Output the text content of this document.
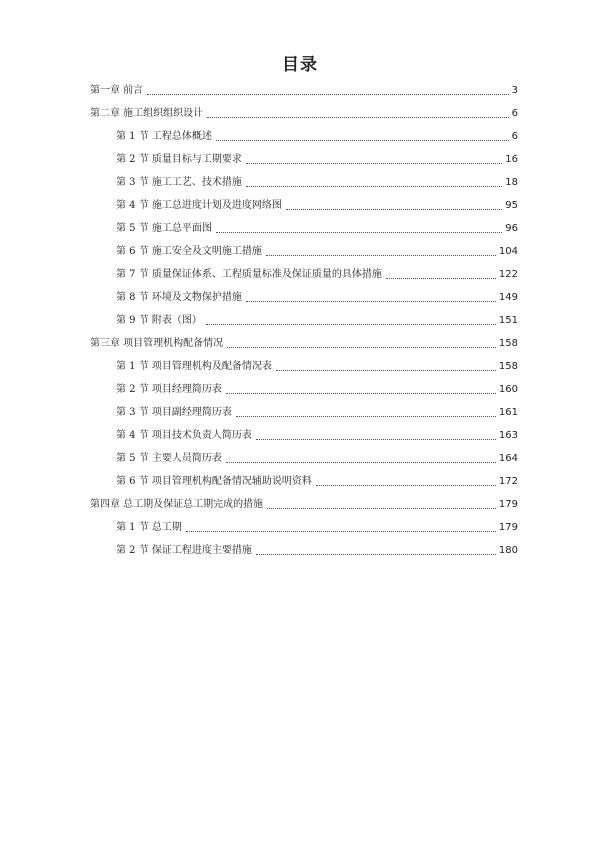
目录
第一章 前言	3
第二章 施工组织组织设计	6
第 1 节 工程总体概述	6
第 2 节 质量目标与工期要求	16
第 3 节 施工工艺、技术措施	18
第 4 节 施工总进度计划及进度网络图	95
第 5 节 施工总平面图	96
第 6 节 施工安全及文明施工措施	104
第 7 节 质量保证体系、工程质量标准及保证质量的具体措施	122
第 8 节 环境及文物保护措施	149
第 9 节 附表（图）	151
第三章 项目管理机构配备情况	158
第 1 节 项目管理机构及配备情况表	158
第 2 节 项目经理简历表	160
第 3 节 项目副经理简历表	161
第 4 节 项目技术负责人简历表	163
第 5 节 主要人员简历表	164
第 6 节 项目管理机构配备情况辅助说明资料	172
第四章 总工期及保证总工期完成的措施	179
第 1 节 总工期	179
第 2 节 保证工程进度主要措施	180
